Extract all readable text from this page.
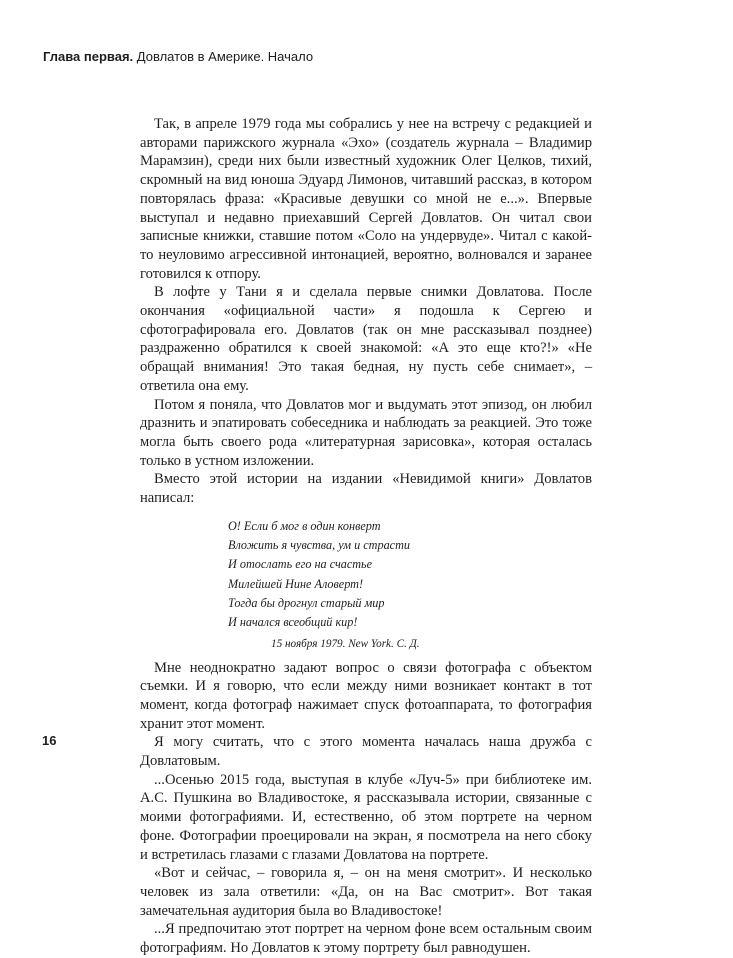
Глава первая. Довлатов в Америке. Начало

Так, в апреле 1979 года мы собрались у нее на встречу с редакцией и авторами парижского журнала «Эхо» (создатель журнала – Владимир Марамзин), среди них были известный художник Олег Целков, тихий, скромный на вид юноша Эдуард Лимонов, читавший рассказ, в котором повторялась фраза: «Красивые девушки со мной не е...». Впервые выступал и недавно приехавший Сергей Довлатов. Он читал свои записные книжки, ставшие потом «Соло на ундервуде». Читал с какой-то неуловимо агрессивной интонацией, вероятно, волновался и заранее готовился к отпору.

В лофте у Тани я и сделала первые снимки Довлатова. После окончания «официальной части» я подошла к Сергею и сфотографировала его. Довлатов (так он мне рассказывал позднее) раздраженно обратился к своей знакомой: «А это еще кто?!» «Не обращай внимания! Это такая бедная, ну пусть себе снимает», – ответила она ему.

Потом я поняла, что Довлатов мог и выдумать этот эпизод, он любил дразнить и эпатировать собеседника и наблюдать за реакцией. Это тоже могла быть своего рода «литературная зарисовка», которая осталась только в устном изложении.

Вместо этой истории на издании «Невидимой книги» Довлатов написал:

О! Если б мог в один конверт
Вложить я чувства, ум и страсти
И отослать его на счастье
Милейшей Нине Аловерт!
Тогда бы дрогнул старый мир
И начался всеобщий кир!
15 ноября 1979. New York. С. Д.

Мне неоднократно задают вопрос о связи фотографа с объектом съемки. И я говорю, что если между ними возникает контакт в тот момент, когда фотограф нажимает спуск фотоаппарата, то фотография хранит этот момент.

Я могу считать, что с этого момента началась наша дружба с Довлатовым.

...Осенью 2015 года, выступая в клубе «Луч-5» при библиотеке им. А.С. Пушкина во Владивостоке, я рассказывала истории, связанные с моими фотографиями. И, естественно, об этом портрете на черном фоне. Фотографии проецировали на экран, я посмотрела на него сбоку и встретилась глазами с глазами Довлатова на портрете.

«Вот и сейчас, – говорила я, – он на меня смотрит». И несколько человек из зала ответили: «Да, он на Вас смотрит». Вот такая замечательная аудитория была во Владивостоке!

...Я предпочитаю этот портрет на черном фоне всем остальным своим фотографиям. Но Довлатов к этому портрету был равнодушен.

16
